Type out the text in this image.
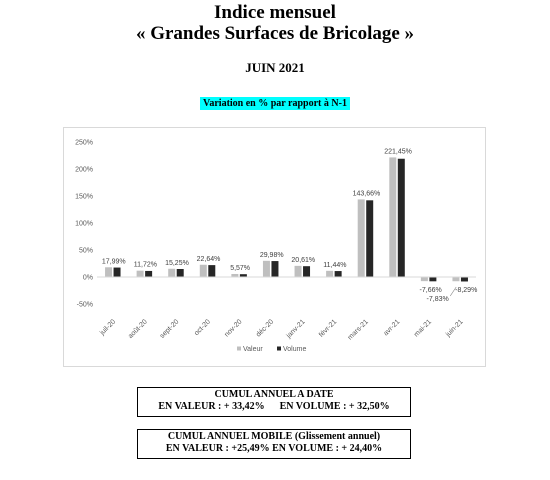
Indice mensuel
« Grandes Surfaces de Bricolage »
JUIN 2021
Variation en % par rapport à N-1
-50%
0%
50%
100%
150%
200%
250%
17,99% 11,72% 15,25%
22,64%
5,57%
29,98%
20,61%
11,44%
143,66%
221,45%
-7,66%
-7,83%
-8,29%
juil-20 août-20 sept-20 oct-20 nov-20 déc-20 janv-21 févr-21 mars-21 avr-21 mai-21 juin-21
Valeur	Volume
CUMUL ANNUEL A DATE
EN VALEUR : + 33,42%      EN VOLUME : + 32,50%
CUMUL ANNUEL MOBILE (Glissement annuel)
EN VALEUR : +25,49% EN VOLUME : + 24,40%
